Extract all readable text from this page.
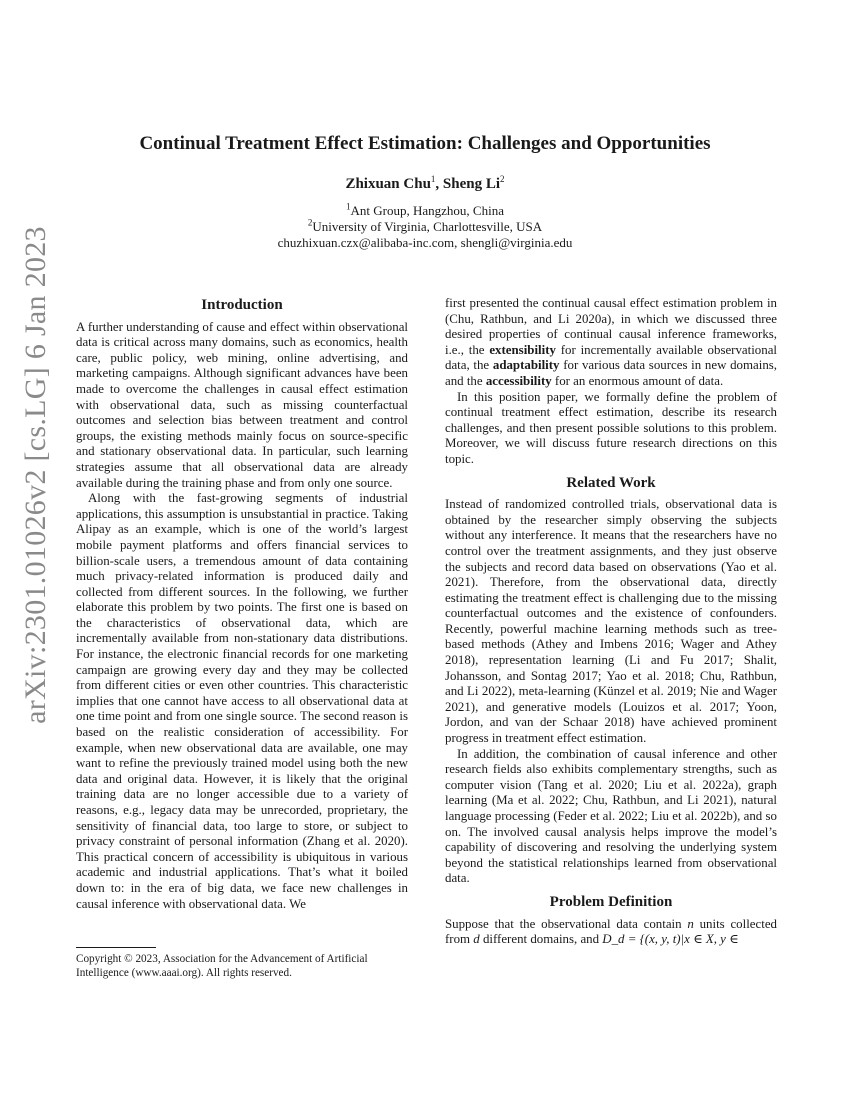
arXiv:2301.01026v2 [cs.LG] 6 Jan 2023
Continual Treatment Effect Estimation: Challenges and Opportunities
Zhixuan Chu$^1$, Sheng Li$^2$
$^1$Ant Group, Hangzhou, China
$^2$University of Virginia, Charlottesville, USA
chuzhixuan.czx@alibaba-inc.com, shengli@virginia.edu
Introduction

A further understanding of cause and effect within observational data is critical across many domains, such as economics, health care, public policy, web mining, online advertising, and marketing campaigns. Although significant advances have been made to overcome the challenges in causal effect estimation with observational data, such as missing counterfactual outcomes and selection bias between treatment and control groups, the existing methods mainly focus on source-specific and stationary observational data. In particular, such learning strategies assume that all observational data are already available during the training phase and from only one source.

Along with the fast-growing segments of industrial applications, this assumption is unsubstantial in practice. Taking Alipay as an example, which is one of the world’s largest mobile payment platforms and offers financial services to billion-scale users, a tremendous amount of data containing much privacy-related information is produced daily and collected from different sources. In the following, we further elaborate this problem by two points. The first one is based on the characteristics of observational data, which are incrementally available from non-stationary data distributions. For instance, the electronic financial records for one marketing campaign are growing every day and they may be collected from different cities or even other countries. This characteristic implies that one cannot have access to all observational data at one time point and from one single source. The second reason is based on the realistic consideration of accessibility. For example, when new observational data are available, one may want to refine the previously trained model using both the new data and original data. However, it is likely that the original training data are no longer accessible due to a variety of reasons, e.g., legacy data may be unrecorded, proprietary, the sensitivity of financial data, too large to store, or subject to privacy constraint of personal information (Zhang et al. 2020). This practical concern of accessibility is ubiquitous in various academic and industrial applications. That’s what it boiled down to: in the era of big data, we face new challenges in causal inference with observational data. We

first presented the continual causal effect estimation problem in (Chu, Rathbun, and Li 2020a), in which we discussed three desired properties of continual causal inference frameworks, i.e., the extensibility for incrementally available observational data, the adaptability for various data sources in new domains, and the accessibility for an enormous amount of data.

In this position paper, we formally define the problem of continual treatment effect estimation, describe its research challenges, and then present possible solutions to this problem. Moreover, we will discuss future research directions on this topic.

Related Work

Instead of randomized controlled trials, observational data is obtained by the researcher simply observing the subjects without any interference. It means that the researchers have no control over the treatment assignments, and they just observe the subjects and record data based on observations (Yao et al. 2021). Therefore, from the observational data, directly estimating the treatment effect is challenging due to the missing counterfactual outcomes and the existence of confounders. Recently, powerful machine learning methods such as tree-based methods (Athey and Imbens 2016; Wager and Athey 2018), representation learning (Li and Fu 2017; Shalit, Johansson, and Sontag 2017; Yao et al. 2018; Chu, Rathbun, and Li 2022), meta-learning (Künzel et al. 2019; Nie and Wager 2021), and generative models (Louizos et al. 2017; Yoon, Jordon, and van der Schaar 2018) have achieved prominent progress in treatment effect estimation.

In addition, the combination of causal inference and other research fields also exhibits complementary strengths, such as computer vision (Tang et al. 2020; Liu et al. 2022a), graph learning (Ma et al. 2022; Chu, Rathbun, and Li 2021), natural language processing (Feder et al. 2022; Liu et al. 2022b), and so on. The involved causal analysis helps improve the model’s capability of discovering and resolving the underlying system beyond the statistical relationships learned from observational data.

Problem Definition

Suppose that the observational data contain n units collected from d different domains, and D_d = {(x, y, t)|x ∈ X, y ∈

Copyright © 2023, Association for the Advancement of Artificial Intelligence (www.aaai.org). All rights reserved.
